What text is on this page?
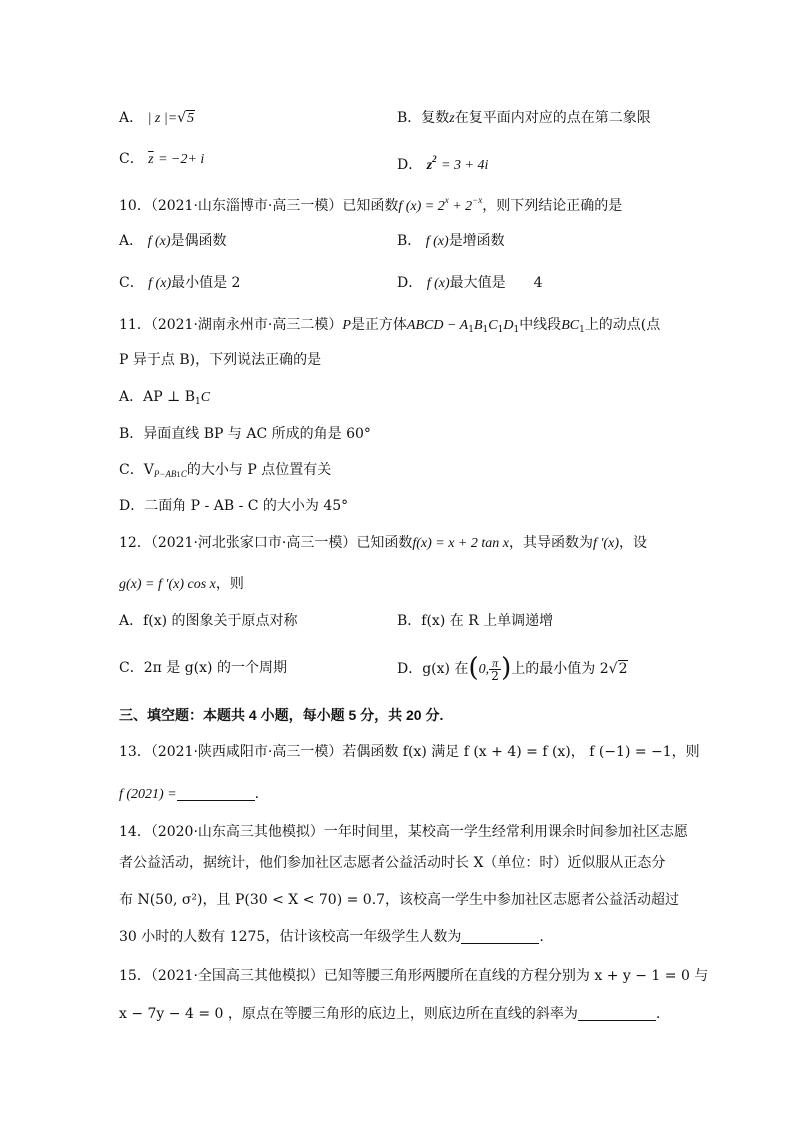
A． | z |=√5	B．复数z在复平面内对应的点在第二象限
C． $\overline{z} = -2+ i$	D． $z^2 = 3 + 4i$
10．（2021·山东淄博市·高三一模）已知函数f $(x) = 2^x + 2^{-x}$，则下列结论正确的是
A． f (x)是偶函数	B． f (x)是增函数
C． f (x)最小值是 2	D． f (x)最大值是　　4
11．（2021·湖南永州市·高三二模）P是正方体ABCD − $A_1B_1C_1D_1$中线段$BC_1$上的动点(点
P 异于点 B)，下列说法正确的是
A．AP ⊥ $B_1C$
B．异面直线 BP 与 AC 所成的角是 60°
C．$V_{P-AB1C}$的大小与 P 点位置有关
D．二面角 P - AB - C 的大小为 45°
12．（2021·河北张家口市·高三一模）已知函数f(x) = x + 2 tan x，其导函数为f ′(x)，设
g(x) = f ′(x) cos x，则
A．f(x) 的图象关于原点对称	B．f(x) 在 R 上单调递增
C．2π 是 g(x) 的一个周期	D．g(x) 在(0, $\frac{\pi}{2}$ )上的最小值为 2√2
三、填空题：本题共 4 小题，每小题 5 分，共 20 分.
13．（2021·陕西咸阳市·高三一模）若偶函数 f(x) 满足 f (x + 4) = f (x)， f (−1) = −1，则
f (2021) =	.
14．（2020·山东高三其他模拟）一年时间里，某校高一学生经常利用课余时间参加社区志愿
者公益活动，据统计，他们参加社区志愿者公益活动时长 X（单位：时）近似服从正态分
布 N(50, σ²)，且 P(30 < X < 70) = 0.7，该校高一学生中参加社区志愿者公益活动超过
30 小时的人数有 1275，估计该校高一年级学生人数为	.
15．（2021·全国高三其他模拟）已知等腰三角形两腰所在直线的方程分别为 x + y − 1 = 0 与
x − 7y − 4 = 0 ，原点在等腰三角形的底边上，则底边所在直线的斜率为	.
